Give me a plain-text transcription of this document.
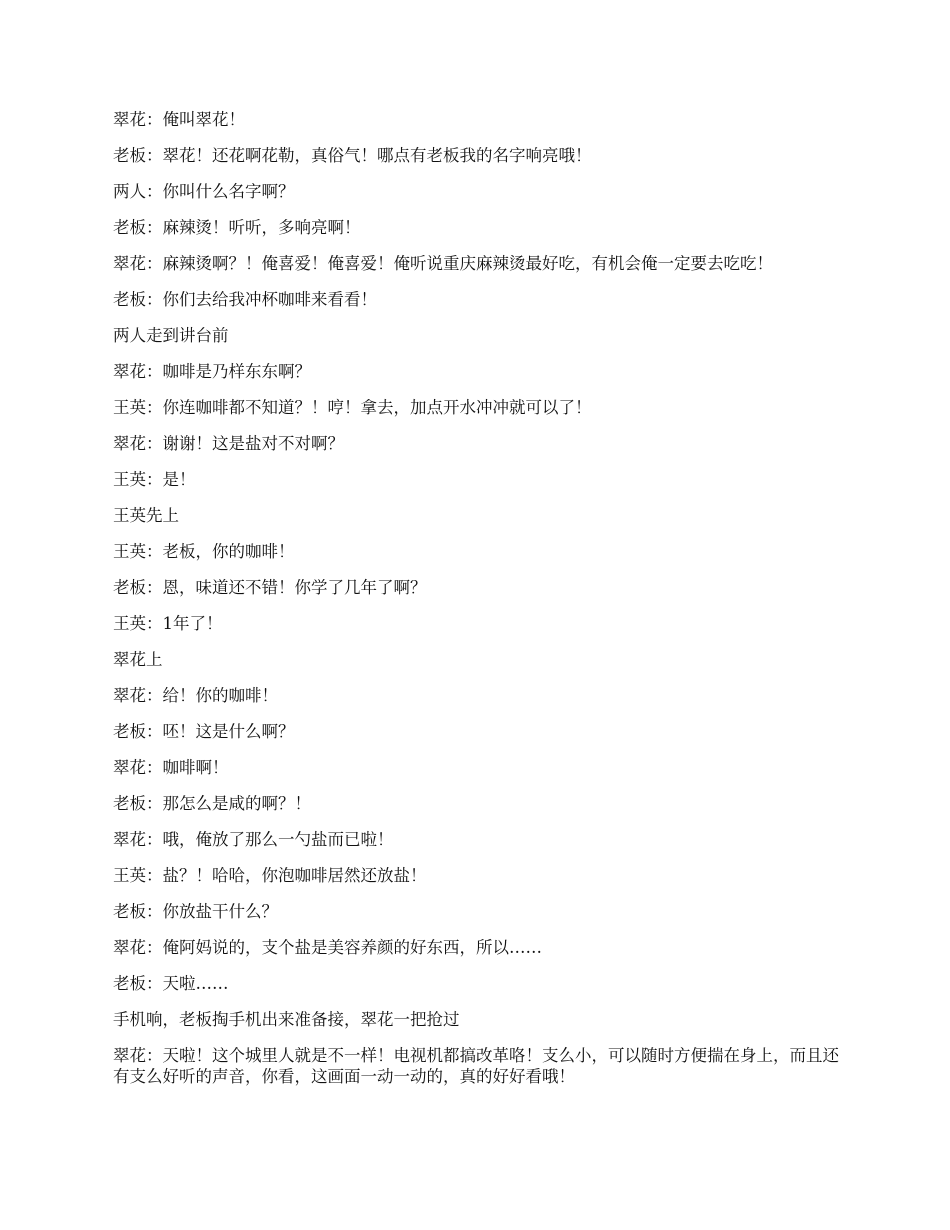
翠花：俺叫翠花！

老板：翠花！还花啊花勒，真俗气！哪点有老板我的名字响亮哦！

两人：你叫什么名字啊？

老板：麻辣烫！听听，多响亮啊！

翠花：麻辣烫啊？！俺喜爱！俺喜爱！俺听说重庆麻辣烫最好吃，有机会俺一定要去吃吃！

老板：你们去给我冲杯咖啡来看看！

两人走到讲台前

翠花：咖啡是乃样东东啊？

王英：你连咖啡都不知道？！哼！拿去，加点开水冲冲就可以了！

翠花：谢谢！这是盐对不对啊？

王英：是！

王英先上

王英：老板，你的咖啡！

老板：恩，味道还不错！你学了几年了啊？

王英：1年了！

翠花上

翠花：给！你的咖啡！

老板：呸！这是什么啊？

翠花：咖啡啊！

老板：那怎么是咸的啊？！

翠花：哦，俺放了那么一勺盐而已啦！

王英：盐？！哈哈，你泡咖啡居然还放盐！

老板：你放盐干什么？

翠花：俺阿妈说的，支个盐是美容养颜的好东西，所以……

老板：天啦……

手机响，老板掏手机出来准备接，翠花一把抢过

翠花：天啦！这个城里人就是不一样！电视机都搞改革咯！支么小，可以随时方便揣在身上，而且还有支么好听的声音，你看，这画面一动一动的，真的好好看哦！
